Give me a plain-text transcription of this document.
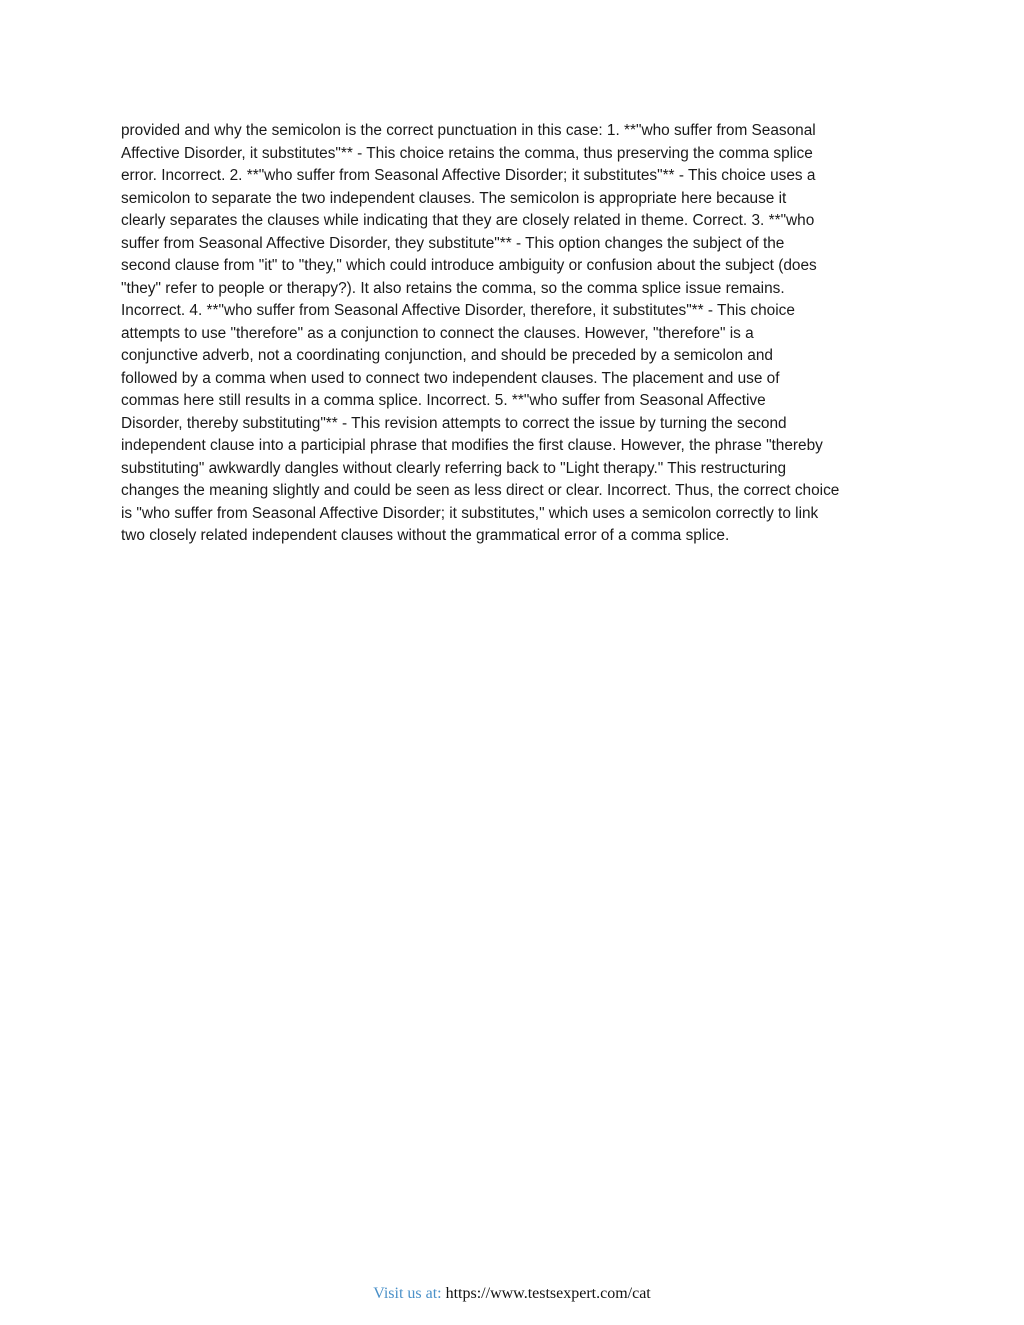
provided and why the semicolon is the correct punctuation in this case: 1. **"who suffer from Seasonal
Affective Disorder, it substitutes"** - This choice retains the comma, thus preserving the comma splice
error. Incorrect. 2. **"who suffer from Seasonal Affective Disorder; it substitutes"** - This choice uses a
semicolon to separate the two independent clauses. The semicolon is appropriate here because it
clearly separates the clauses while indicating that they are closely related in theme. Correct. 3. **"who
suffer from Seasonal Affective Disorder, they substitute"** - This option changes the subject of the
second clause from "it" to "they," which could introduce ambiguity or confusion about the subject (does
"they" refer to people or therapy?). It also retains the comma, so the comma splice issue remains.
Incorrect. 4. **"who suffer from Seasonal Affective Disorder, therefore, it substitutes"** - This choice
attempts to use "therefore" as a conjunction to connect the clauses. However, "therefore" is a
conjunctive adverb, not a coordinating conjunction, and should be preceded by a semicolon and
followed by a comma when used to connect two independent clauses. The placement and use of
commas here still results in a comma splice. Incorrect. 5. **"who suffer from Seasonal Affective
Disorder, thereby substituting"** - This revision attempts to correct the issue by turning the second
independent clause into a participial phrase that modifies the first clause. However, the phrase "thereby
substituting" awkwardly dangles without clearly referring back to "Light therapy." This restructuring
changes the meaning slightly and could be seen as less direct or clear. Incorrect. Thus, the correct choice
is "who suffer from Seasonal Affective Disorder; it substitutes," which uses a semicolon correctly to link
two closely related independent clauses without the grammatical error of a comma splice.
Visit us at: https://www.testsexpert.com/cat
